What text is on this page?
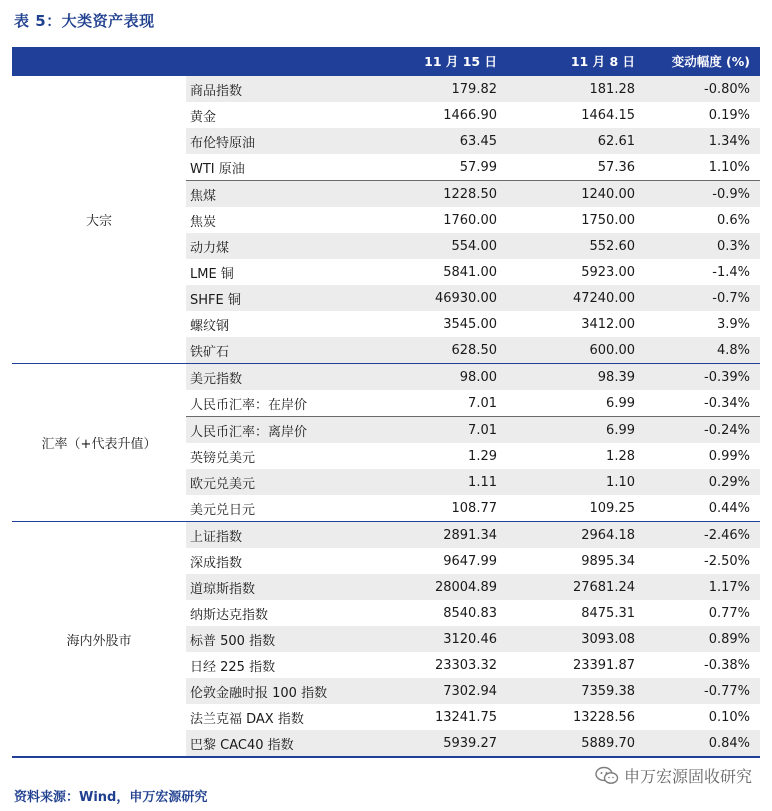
表 5：大类资产表现
		11 月 15 日	11 月 8 日	变动幅度 (%)
大宗	商品指数	179.82	181.28	-0.80%
	黄金	1466.90	1464.15	0.19%
	布伦特原油	63.45	62.61	1.34%
	WTI 原油	57.99	57.36	1.10%
	焦煤	1228.50	1240.00	-0.9%
	焦炭	1760.00	1750.00	0.6%
	动力煤	554.00	552.60	0.3%
	LME 铜	5841.00	5923.00	-1.4%
	SHFE 铜	46930.00	47240.00	-0.7%
	螺纹钢	3545.00	3412.00	3.9%
	铁矿石	628.50	600.00	4.8%
汇率（+代表升值）	美元指数	98.00	98.39	-0.39%
	人民币汇率：在岸价	7.01	6.99	-0.34%
	人民币汇率：离岸价	7.01	6.99	-0.24%
	英镑兑美元	1.29	1.28	0.99%
	欧元兑美元	1.11	1.10	0.29%
	美元兑日元	108.77	109.25	0.44%
海内外股市	上证指数	2891.34	2964.18	-2.46%
	深成指数	9647.99	9895.34	-2.50%
	道琼斯指数	28004.89	27681.24	1.17%
	纳斯达克指数	8540.83	8475.31	0.77%
	标普 500 指数	3120.46	3093.08	0.89%
	日经 225 指数	23303.32	23391.87	-0.38%
	伦敦金融时报 100 指数	7302.94	7359.38	-0.77%
	法兰克福 DAX 指数	13241.75	13228.56	0.10%
	巴黎 CAC40 指数	5939.27	5889.70	0.84%
资料来源：Wind，申万宏源研究
申万宏源固收研究
